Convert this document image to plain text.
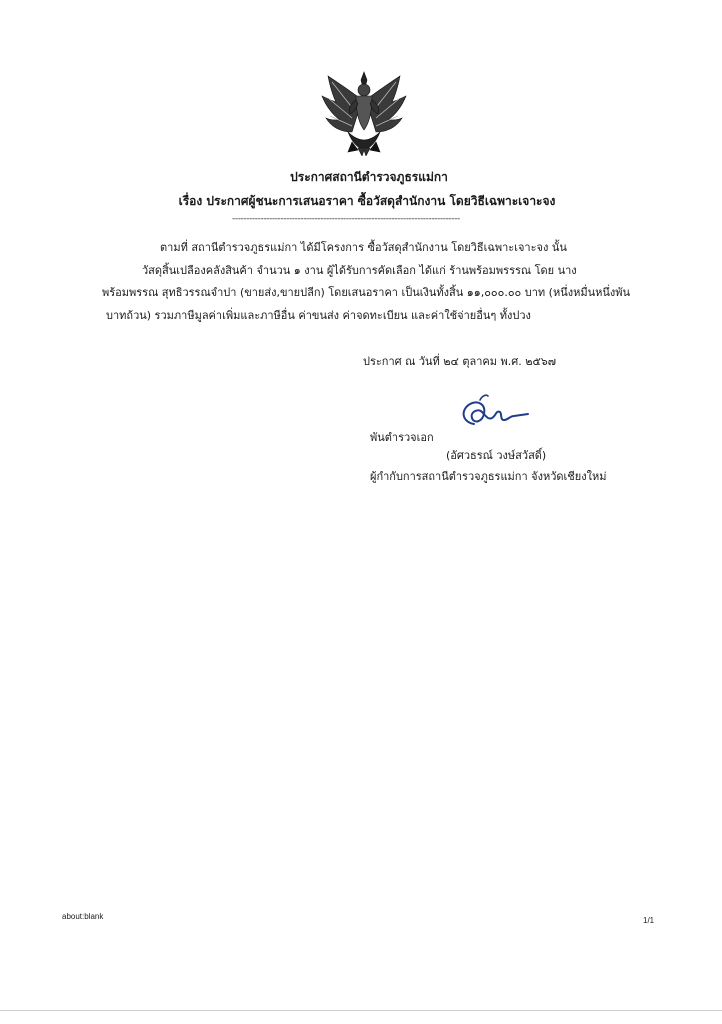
ประกาศสถานีตำรวจภูธรแม่กา
เรื่อง ประกาศผู้ชนะการเสนอราคา ซื้อวัสดุสำนักงาน โดยวิธีเฉพาะเจาะจง
--------------------------------------------------------------------------------
ตามที่ สถานีตำรวจภูธรแม่กา ได้มีโครงการ ซื้อวัสดุสำนักงาน โดยวิธีเฉพาะเจาะจง นั้น
วัสดุสิ้นเปลืองคลังสินค้า จำนวน ๑ งาน ผู้ได้รับการคัดเลือก ได้แก่ ร้านพร้อมพรรรณ โดย นาง
พร้อมพรรณ สุทธิวรรณจำปา (ขายส่ง,ขายปลีก) โดยเสนอราคา เป็นเงินทั้งสิ้น ๑๑,๐๐๐.๐๐ บาท (หนึ่งหมื่นหนึ่งพัน
บาทถ้วน) รวมภาษีมูลค่าเพิ่มและภาษีอื่น ค่าขนส่ง ค่าจดทะเบียน และค่าใช้จ่ายอื่นๆ ทั้งปวง
ประกาศ ณ วันที่ ๒๔ ตุลาคม พ.ศ. ๒๕๖๗
พันตำรวจเอก
(อัศวธรณ์ วงษ์สวัสดิ์)
ผู้กำกับการสถานีตำรวจภูธรแม่กา จังหวัดเชียงใหม่
about:blank	1/1
